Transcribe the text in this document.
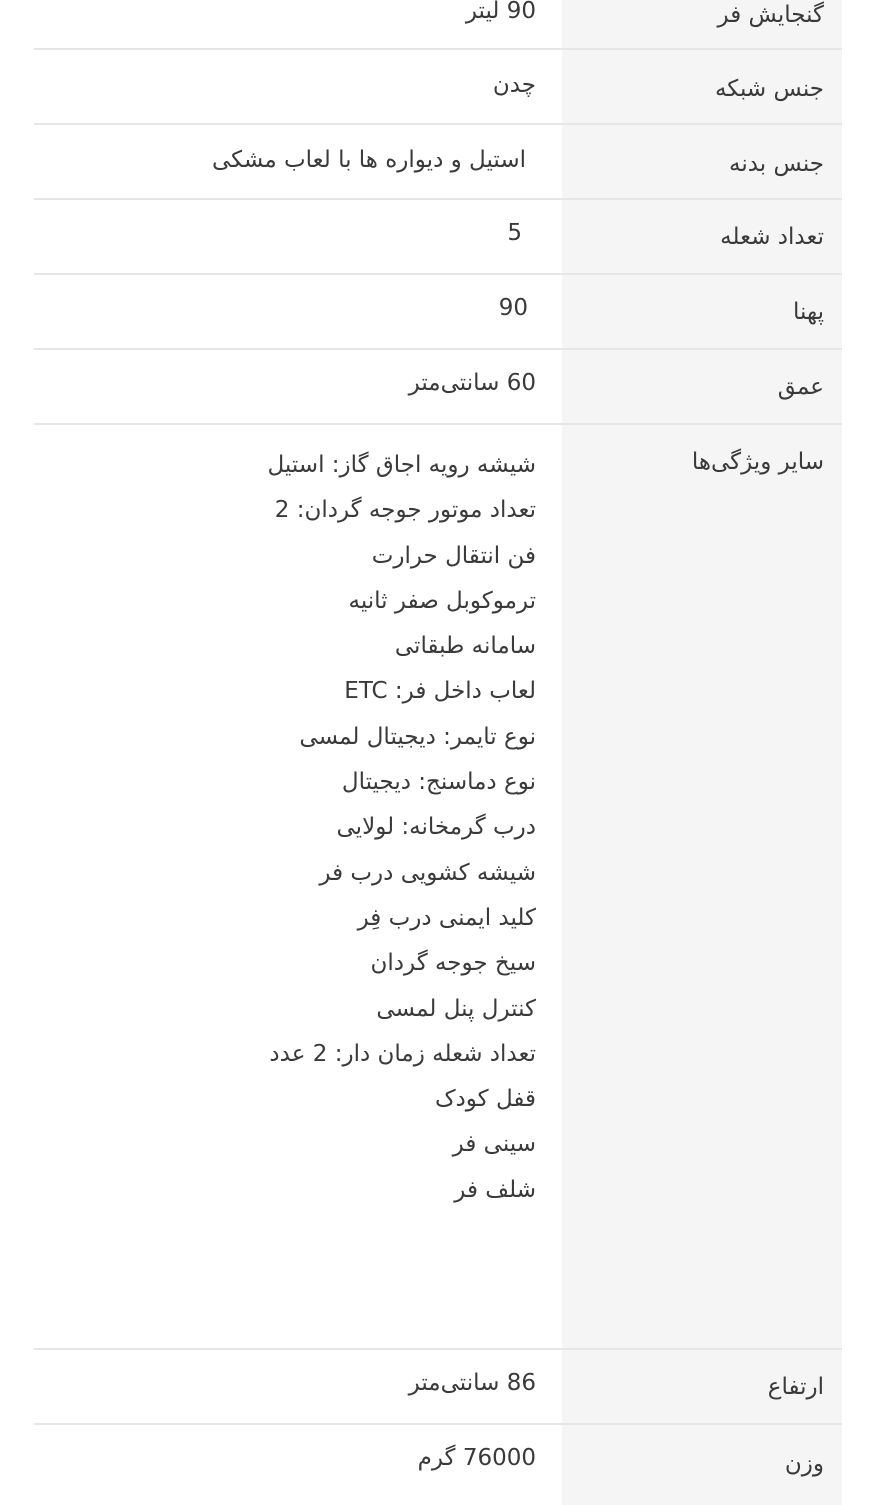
گنجایش فر
90 لیتر
جنس شبکه
چدن
جنس بدنه
استیل و دیواره ها با لعاب مشکی
تعداد شعله
5
پهنا
90
عمق
60 سانتی‌متر
سایر ویژگی‌ها
شیشه رویه اجاق گاز: استیل
تعداد موتور جوجه گردان: 2
فن انتقال حرارت
ترموکوبل صفر ثانیه
سامانه طبقاتی
لعاب داخل فر: ETC
نوع تایمر: دیجیتال لمسی
نوع دماسنج: دیجیتال
درب گرمخانه: لولایی
شیشه کشویی درب فر
کلید ایمنی درب فِر
سیخ جوجه گردان
کنترل پنل لمسی
تعداد شعله زمان دار: 2 عدد
قفل کودک
سینی فر
شلف فر
ارتفاع
86 سانتی‌متر
وزن
76000 گرم
